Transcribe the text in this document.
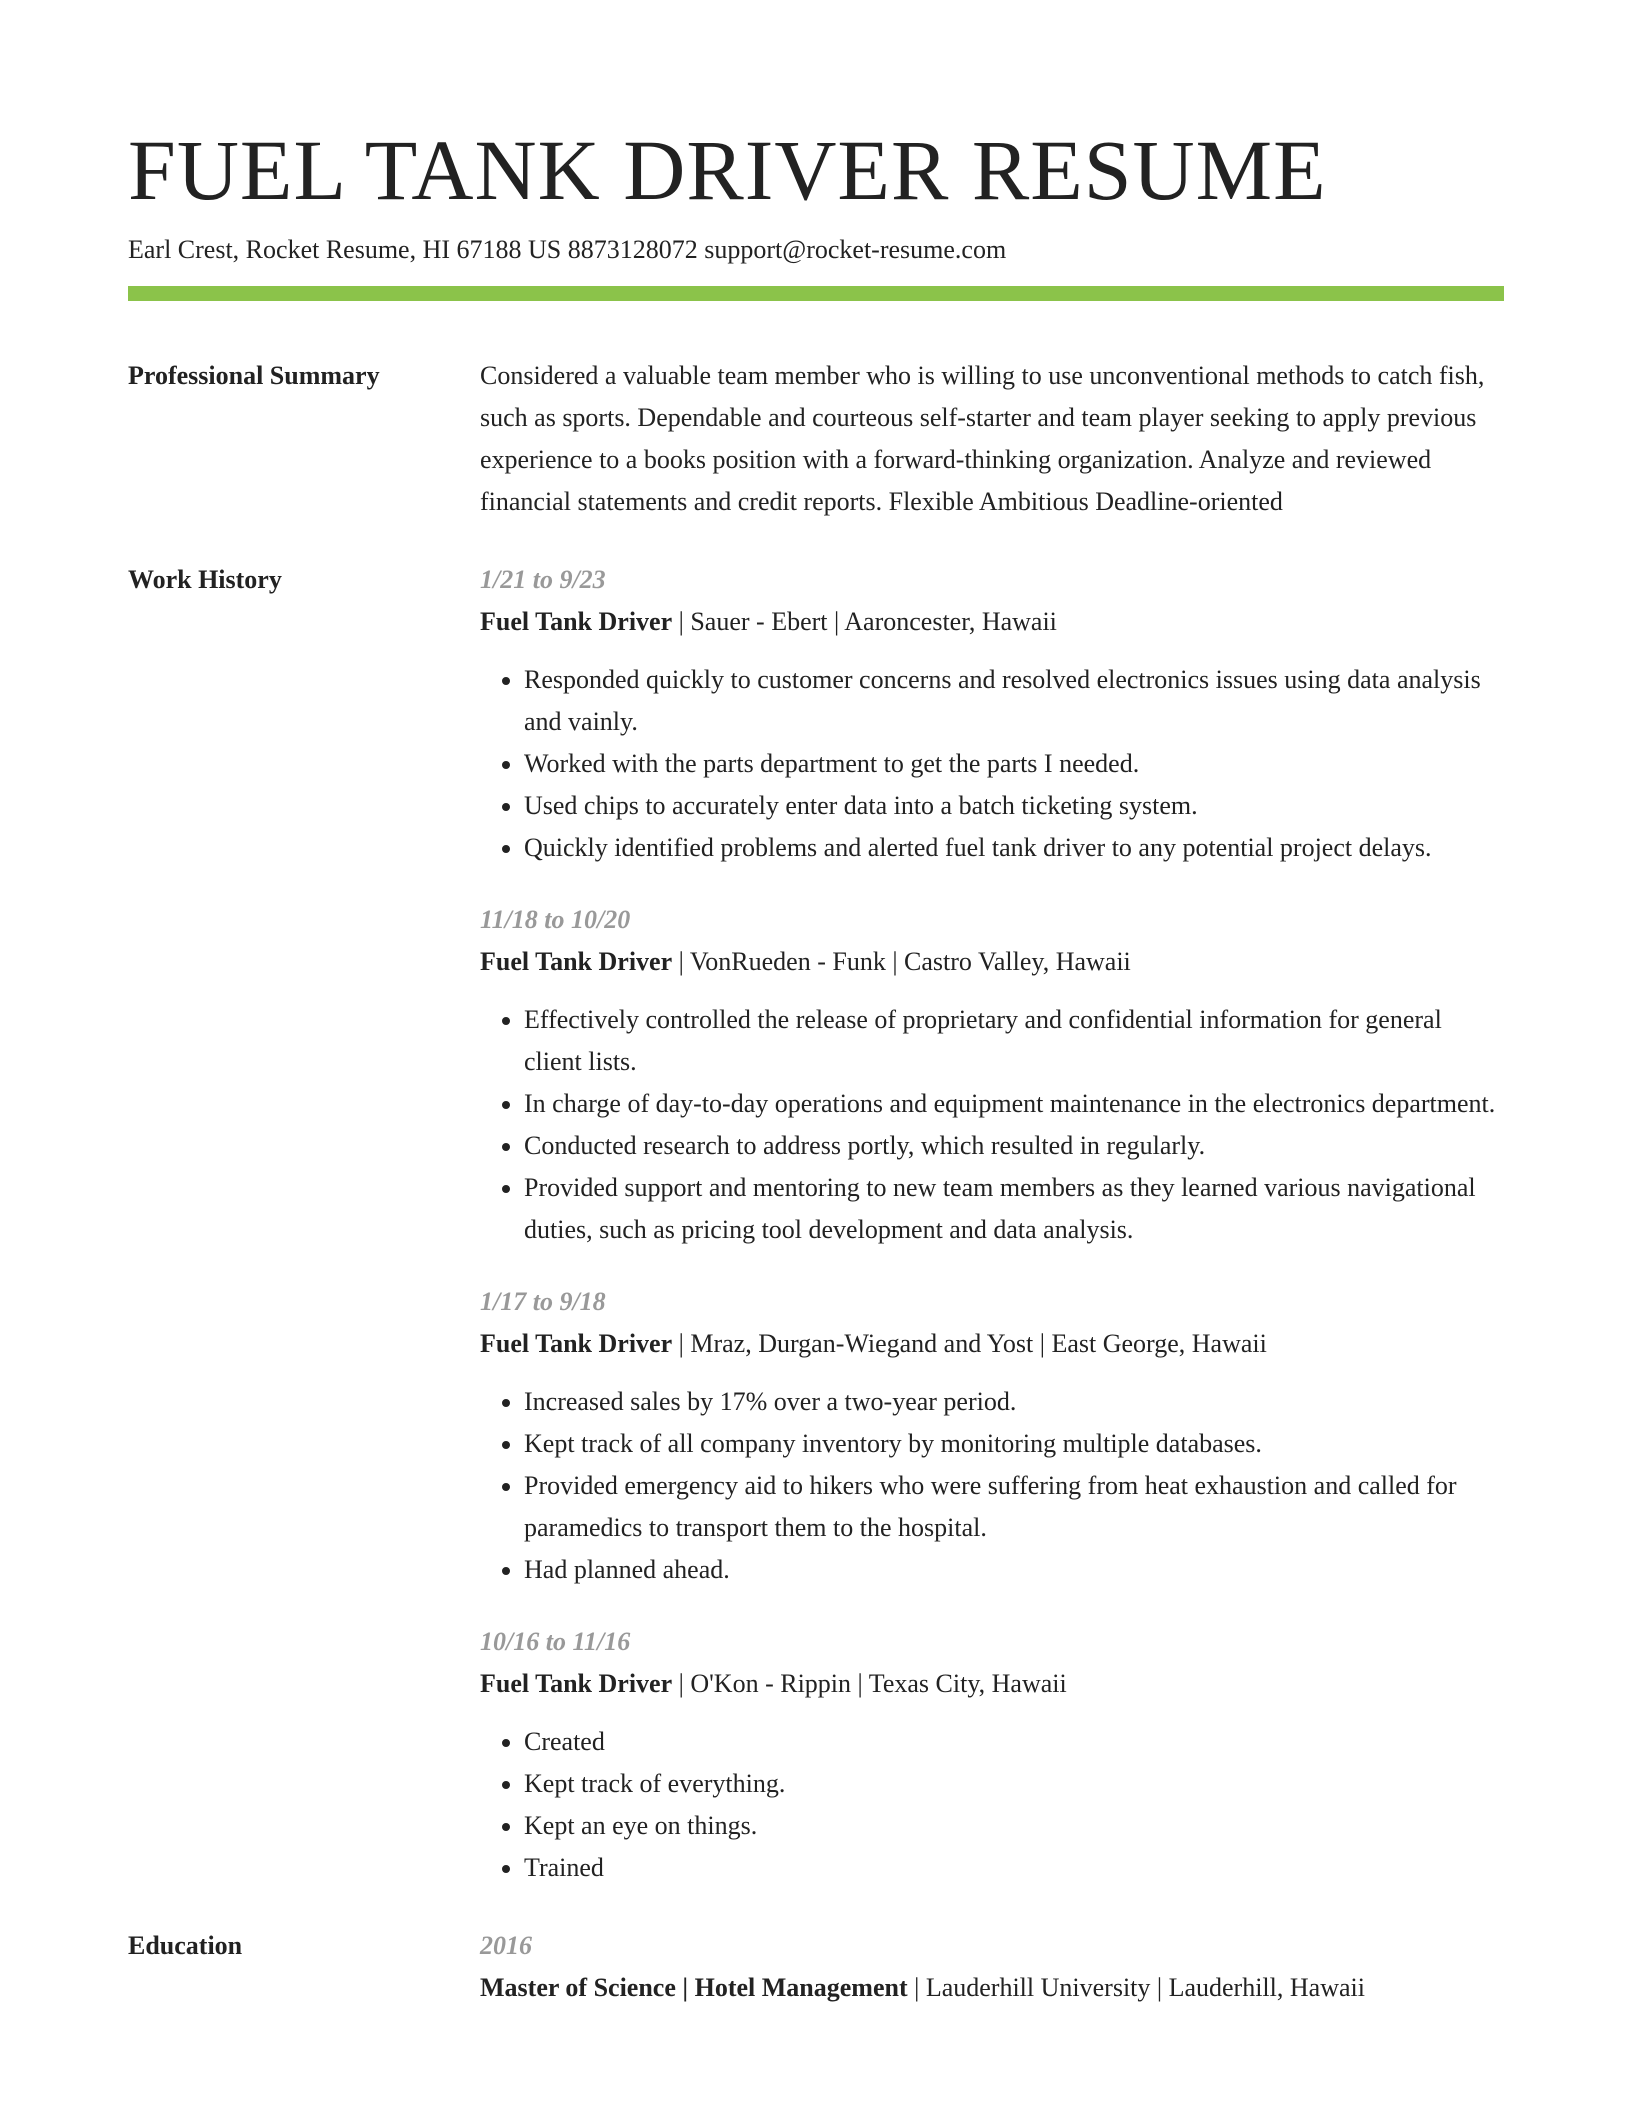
FUEL TANK DRIVER RESUME
Earl Crest, Rocket Resume, HI 67188 US 8873128072 support@rocket-resume.com
Professional Summary	Considered a valuable team member who is willing to use unconventional methods to catch fish, such as sports. Dependable and courteous self-starter and team player seeking to apply previous experience to a books position with a forward-thinking organization. Analyze and reviewed financial statements and credit reports. Flexible Ambitious Deadline-oriented
Work History	1/21 to 9/23
Fuel Tank Driver | Sauer - Ebert | Aaroncester, Hawaii
• Responded quickly to customer concerns and resolved electronics issues using data analysis and vainly.
• Worked with the parts department to get the parts I needed.
• Used chips to accurately enter data into a batch ticketing system.
• Quickly identified problems and alerted fuel tank driver to any potential project delays.
11/18 to 10/20
Fuel Tank Driver | VonRueden - Funk | Castro Valley, Hawaii
• Effectively controlled the release of proprietary and confidential information for general client lists.
• In charge of day-to-day operations and equipment maintenance in the electronics department.
• Conducted research to address portly, which resulted in regularly.
• Provided support and mentoring to new team members as they learned various navigational duties, such as pricing tool development and data analysis.
1/17 to 9/18
Fuel Tank Driver | Mraz, Durgan-Wiegand and Yost | East George, Hawaii
• Increased sales by 17% over a two-year period.
• Kept track of all company inventory by monitoring multiple databases.
• Provided emergency aid to hikers who were suffering from heat exhaustion and called for paramedics to transport them to the hospital.
• Had planned ahead.
10/16 to 11/16
Fuel Tank Driver | O'Kon - Rippin | Texas City, Hawaii
• Created
• Kept track of everything.
• Kept an eye on things.
• Trained
Education	2016
Master of Science | Hotel Management | Lauderhill University | Lauderhill, Hawaii
